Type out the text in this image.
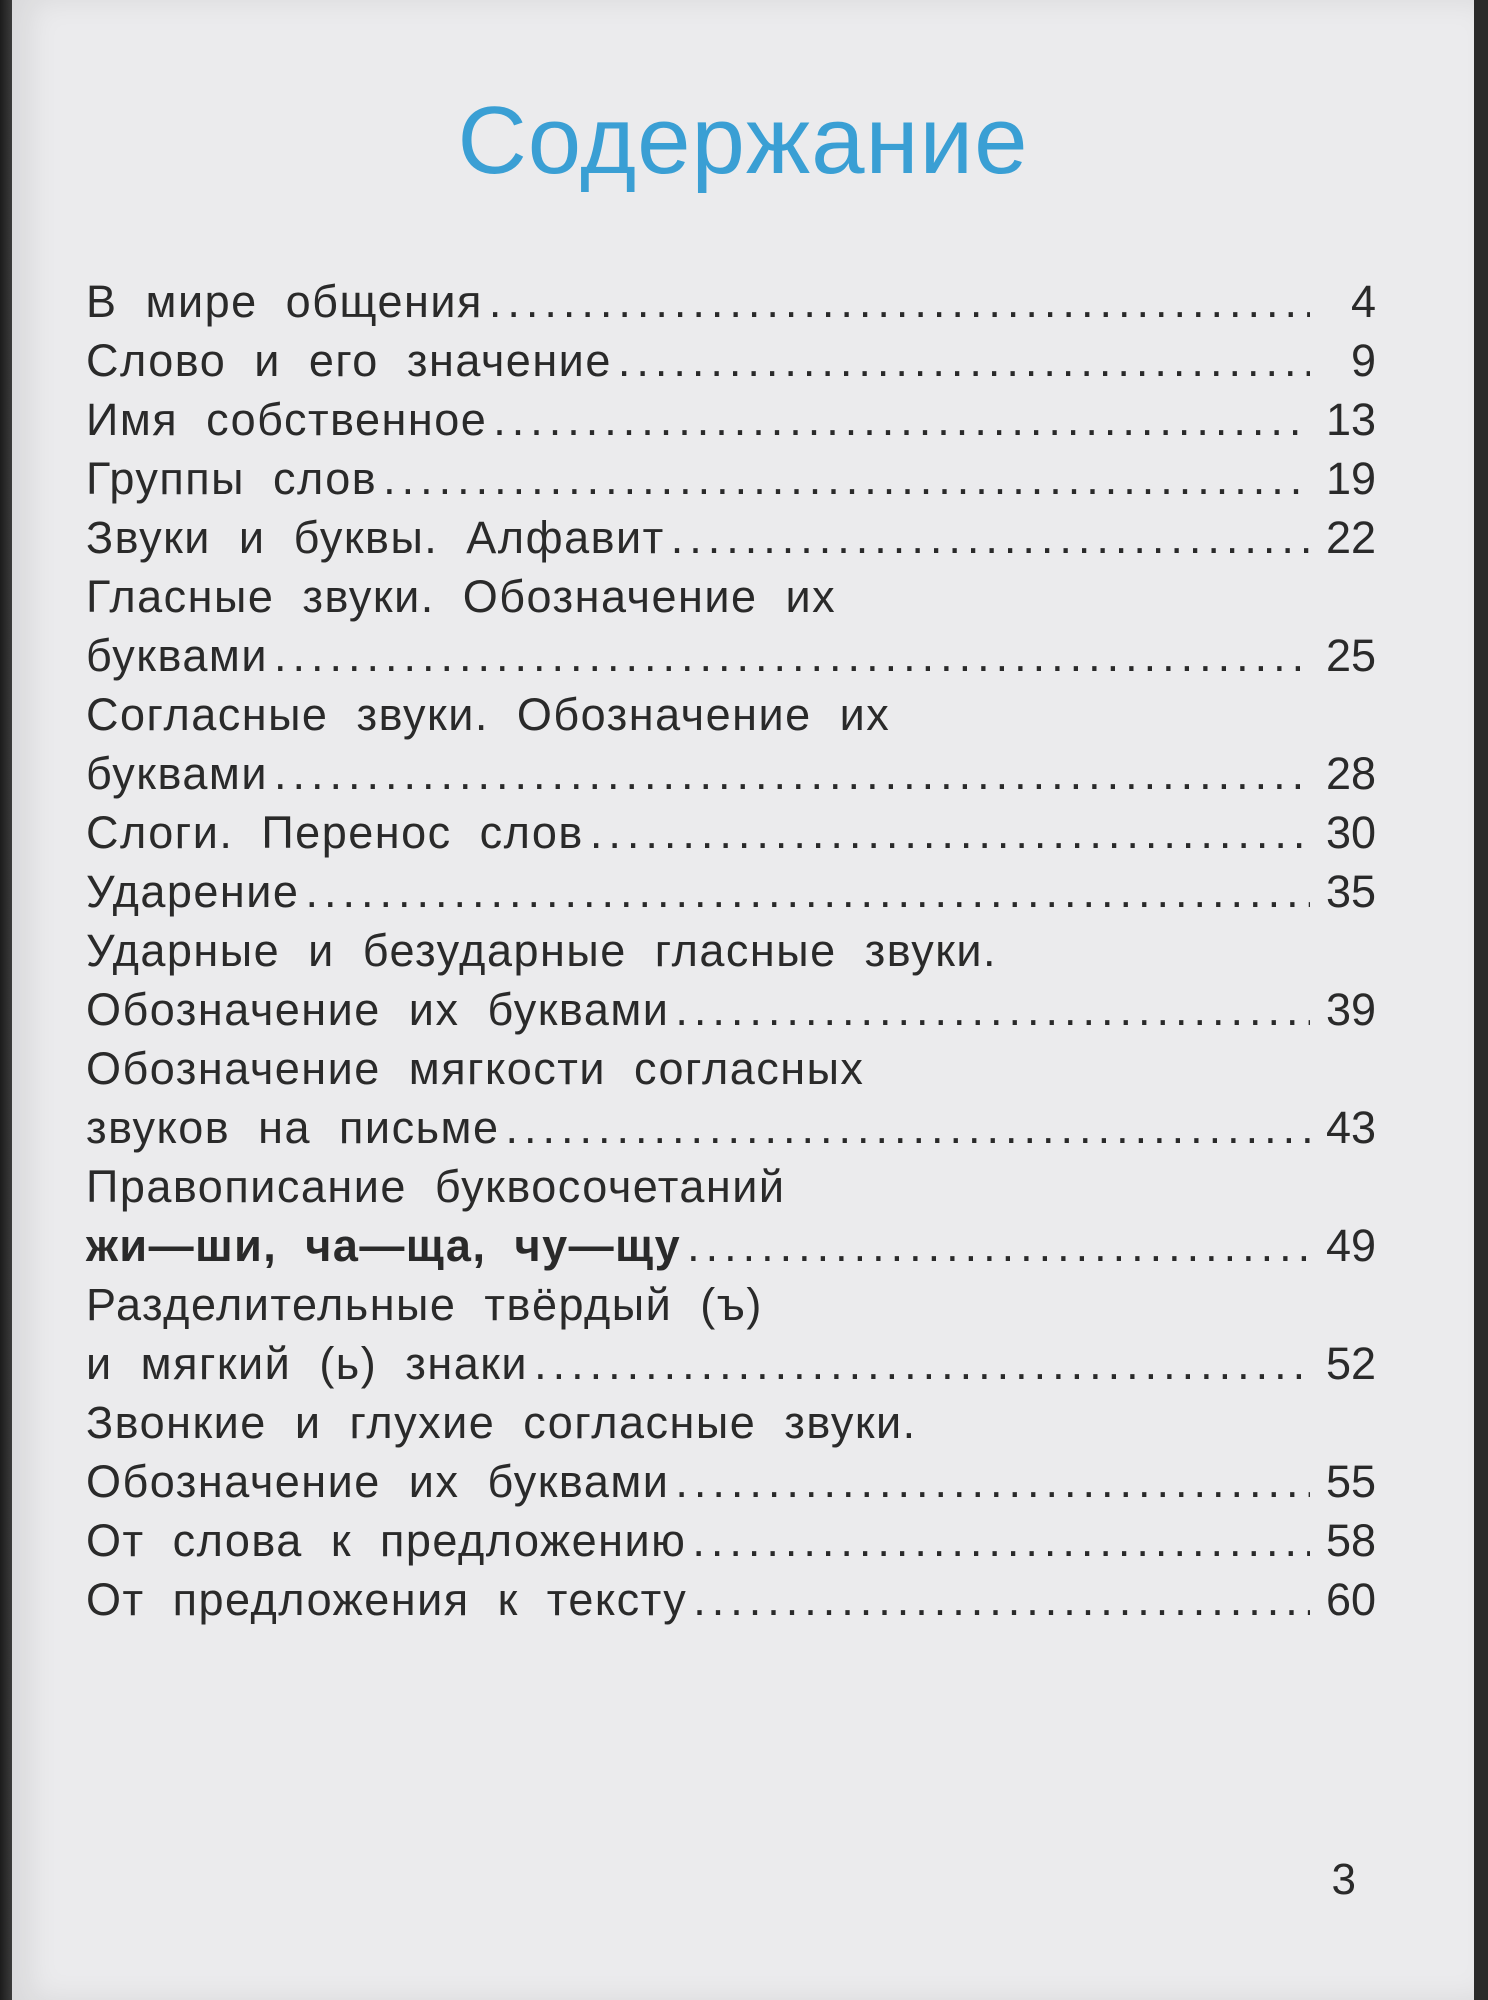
Содержание
В мире общения .....	4
Слово и его значение .....	9
Имя собственное .....	13
Группы слов .....	19
Звуки и буквы. Алфавит .....	22
Гласные звуки. Обозначение их
буквами .....	25
Согласные звуки. Обозначение их
буквами .....	28
Слоги. Перенос слов .....	30
Ударение .....	35
Ударные и безударные гласные звуки.
Обозначение их буквами .....	39
Обозначение мягкости согласных
звуков на письме .....	43
Правописание буквосочетаний
жи—ши, ча—ща, чу—щу .....	49
Разделительные твёрдый (ъ)
и мягкий (ь) знаки .....	52
Звонкие и глухие согласные звуки.
Обозначение их буквами .....	55
От слова к предложению .....	58
От предложения к тексту .....	60
3
